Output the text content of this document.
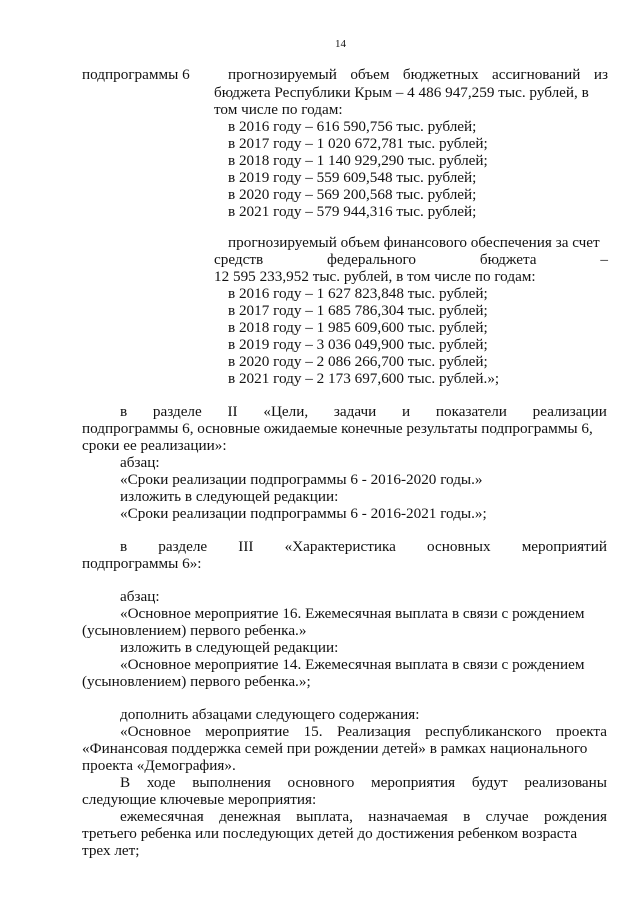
14
подпрограммы 6	прогнозируемый объем бюджетных ассигнований из
бюджета Республики Крым – 4 486 947,259 тыс. рублей, в
том числе по годам:
в 2016 году – 616 590,756 тыс. рублей;
в 2017 году – 1 020 672,781 тыс. рублей;
в 2018 году – 1 140 929,290 тыс. рублей;
в 2019 году – 559 609,548 тыс. рублей;
в 2020 году – 569 200,568 тыс. рублей;
в 2021 году – 579 944,316 тыс. рублей;
прогнозируемый объем финансового обеспечения за счет
средств	федерального	бюджета	–
12 595 233,952 тыс. рублей, в том числе по годам:
в 2016 году – 1 627 823,848 тыс. рублей;
в 2017 году – 1 685 786,304 тыс. рублей;
в 2018 году – 1 985 609,600 тыс. рублей;
в 2019 году – 3 036 049,900 тыс. рублей;
в 2020 году – 2 086 266,700 тыс. рублей;
в 2021 году – 2 173 697,600 тыс. рублей.»;
в разделе II «Цели, задачи и показатели реализации
подпрограммы 6, основные ожидаемые конечные результаты подпрограммы 6,
сроки ее реализации»:
абзац:
«Сроки реализации подпрограммы 6 - 2016-2020 годы.»
изложить в следующей редакции:
«Сроки реализации подпрограммы 6 - 2016-2021 годы.»;
в разделе III «Характеристика основных мероприятий
подпрограммы 6»:
абзац:
«Основное мероприятие 16. Ежемесячная выплата в связи с рождением
(усыновлением) первого ребенка.»
изложить в следующей редакции:
«Основное мероприятие 14. Ежемесячная выплата в связи с рождением
(усыновлением) первого ребенка.»;
дополнить абзацами следующего содержания:
«Основное мероприятие 15. Реализация республиканского проекта
«Финансовая поддержка семей при рождении детей» в рамках национального
проекта «Демография».
В ходе выполнения основного мероприятия будут реализованы
следующие ключевые мероприятия:
ежемесячная денежная выплата, назначаемая в случае рождения
третьего ребенка или последующих детей до достижения ребенком возраста
трех лет;
